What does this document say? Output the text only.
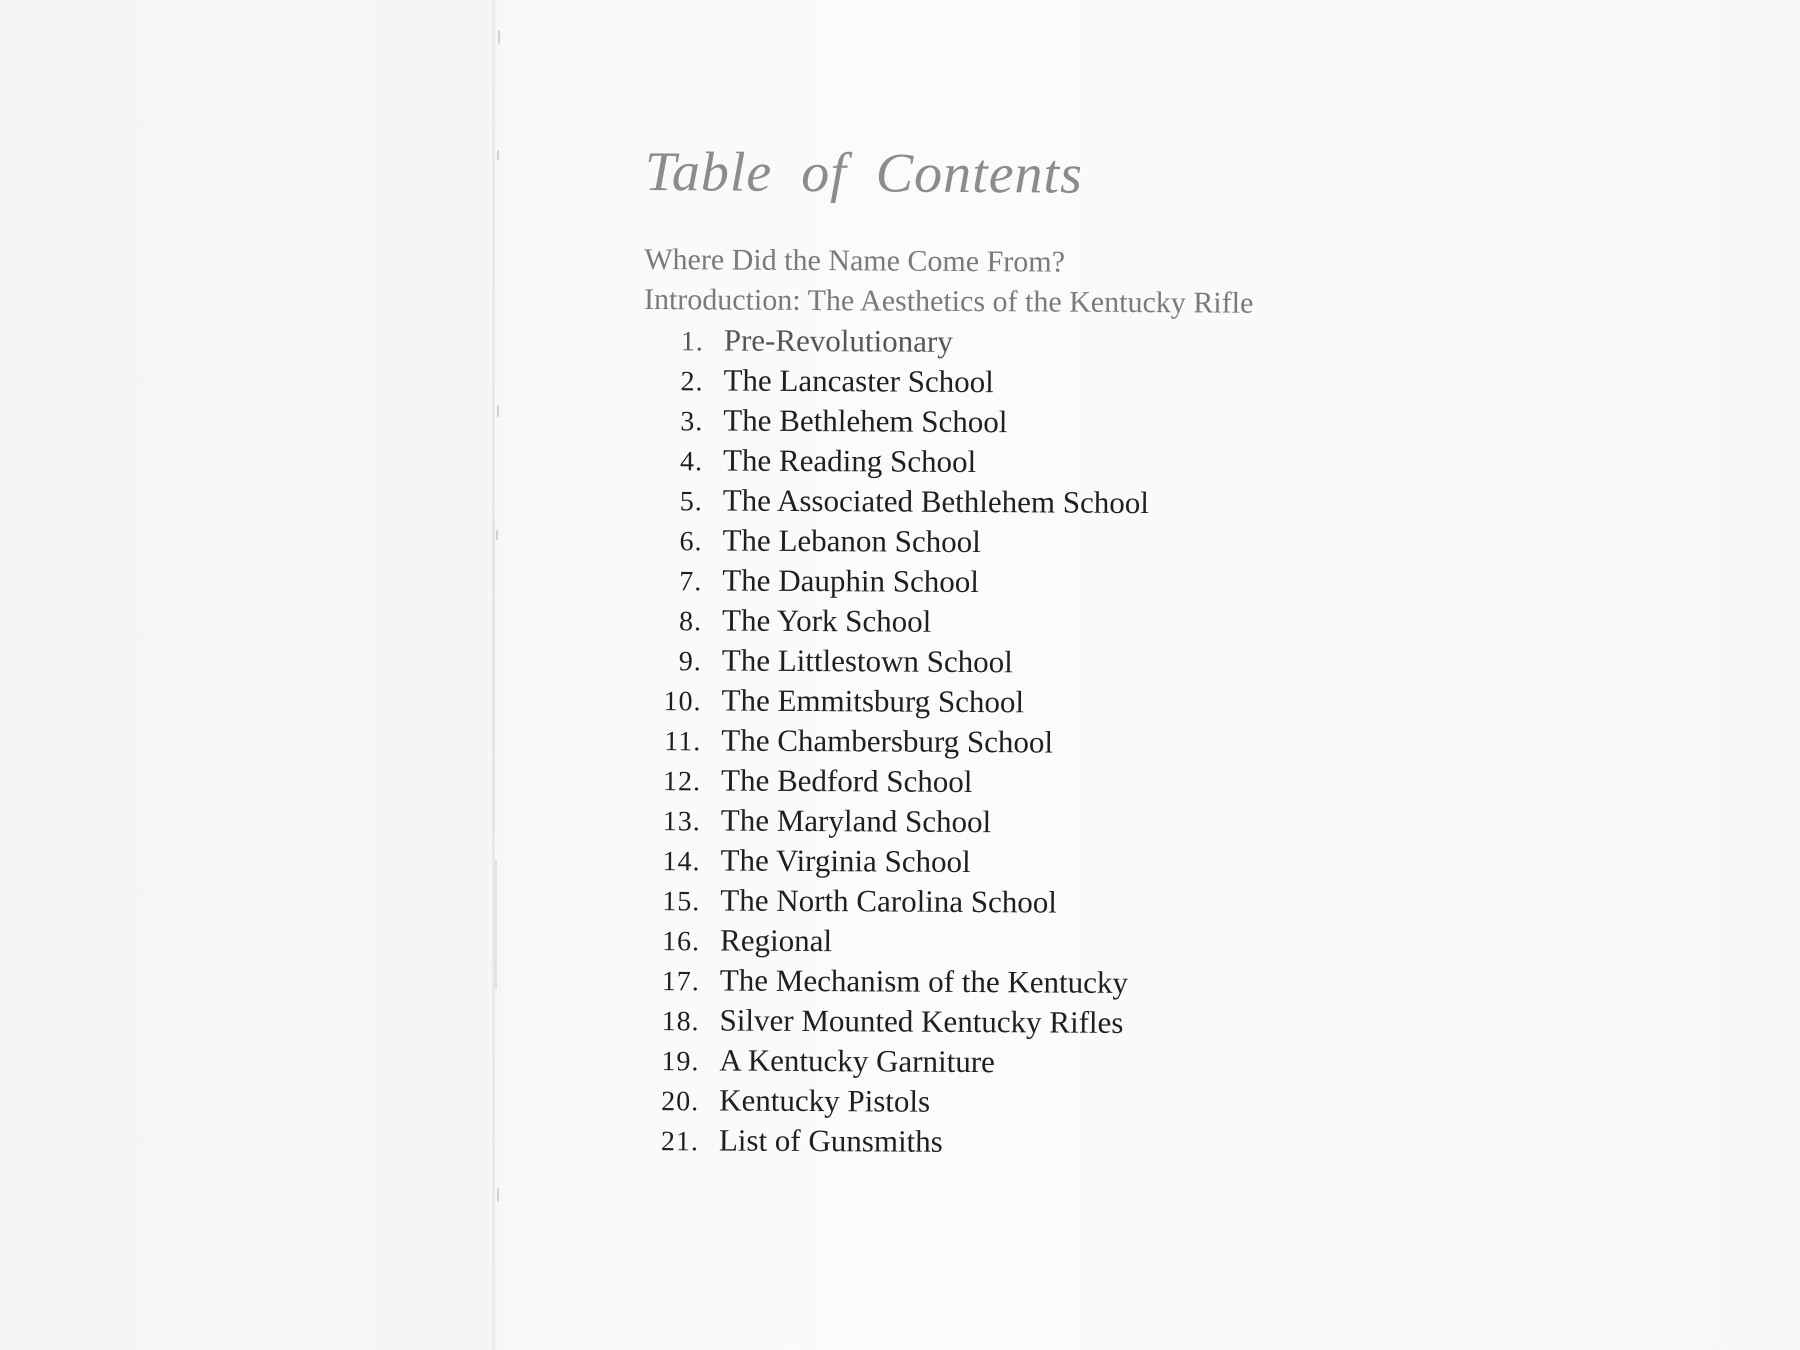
Table of Contents
Where Did the Name Come From?
Introduction: The Aesthetics of the Kentucky Rifle
1. Pre-Revolutionary
2. The Lancaster School
3. The Bethlehem School
4. The Reading School
5. The Associated Bethlehem School
6. The Lebanon School
7. The Dauphin School
8. The York School
9. The Littlestown School
10. The Emmitsburg School
11. The Chambersburg School
12. The Bedford School
13. The Maryland School
14. The Virginia School
15. The North Carolina School
16. Regional
17. The Mechanism of the Kentucky
18. Silver Mounted Kentucky Rifles
19. A Kentucky Garniture
20. Kentucky Pistols
21. List of Gunsmiths
